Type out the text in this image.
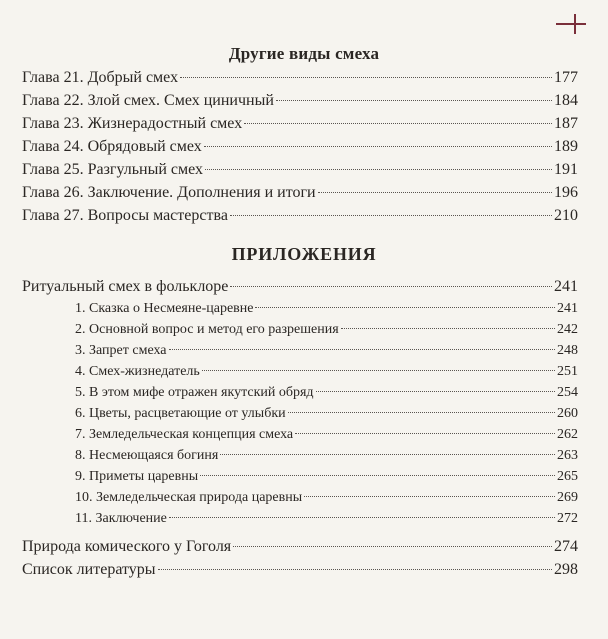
Другие виды смеха
Глава 21. Добрый смех	177
Глава 22. Злой смех. Смех циничный	184
Глава 23. Жизнерадостный смех	187
Глава 24. Обрядовый смех	189
Глава 25. Разгульный смех	191
Глава 26. Заключение. Дополнения и итоги	196
Глава 27. Вопросы мастерства	210
ПРИЛОЖЕНИЯ
Ритуальный смех в фольклоре	241
1. Сказка о Несмеяне-царевне	241
2. Основной вопрос и метод его разрешения	242
3. Запрет смеха	248
4. Смех-жизнедатель	251
5. В этом мифе отражен якутский обряд	254
6. Цветы, расцветающие от улыбки	260
7. Земледельческая концепция смеха	262
8. Несмеющаяся богиня	263
9. Приметы царевны	265
10. Земледельческая природа царевны	269
11. Заключение	272
Природа комического у Гоголя	274
Список литературы	298
